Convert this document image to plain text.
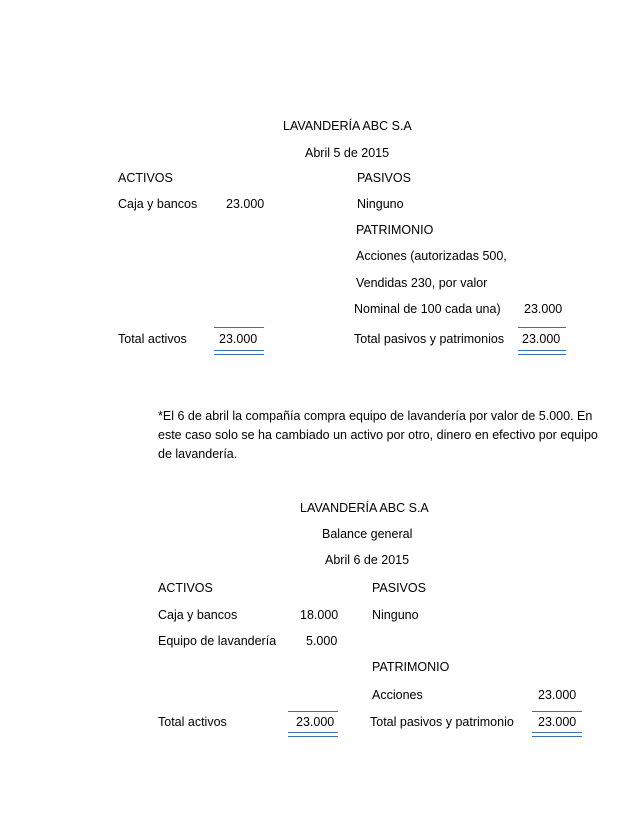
LAVANDERÍA ABC S.A
Abril 5 de 2015
ACTIVOS	PASIVOS
Caja y bancos 23.000	Ninguno
PATRIMONIO
Acciones (autorizadas 500,
Vendidas 230, por valor
Nominal de 100 cada una) 23.000
Total activos	23.000	Total pasivos y patrimonios 23.000
*El 6 de abril la compañía compra equipo de lavandería por valor de 5.000. En este caso solo se ha cambiado un activo por otro, dinero en efectivo por equipo de lavandería.
LAVANDERÍA ABC S.A
Balance general
Abril 6 de 2015
ACTIVOS	PASIVOS
Caja y bancos	18.000	Ninguno
Equipo de lavandería 5.000
PATRIMONIO
Acciones	23.000
Total activos	23.000	Total pasivos y patrimonio 23.000
